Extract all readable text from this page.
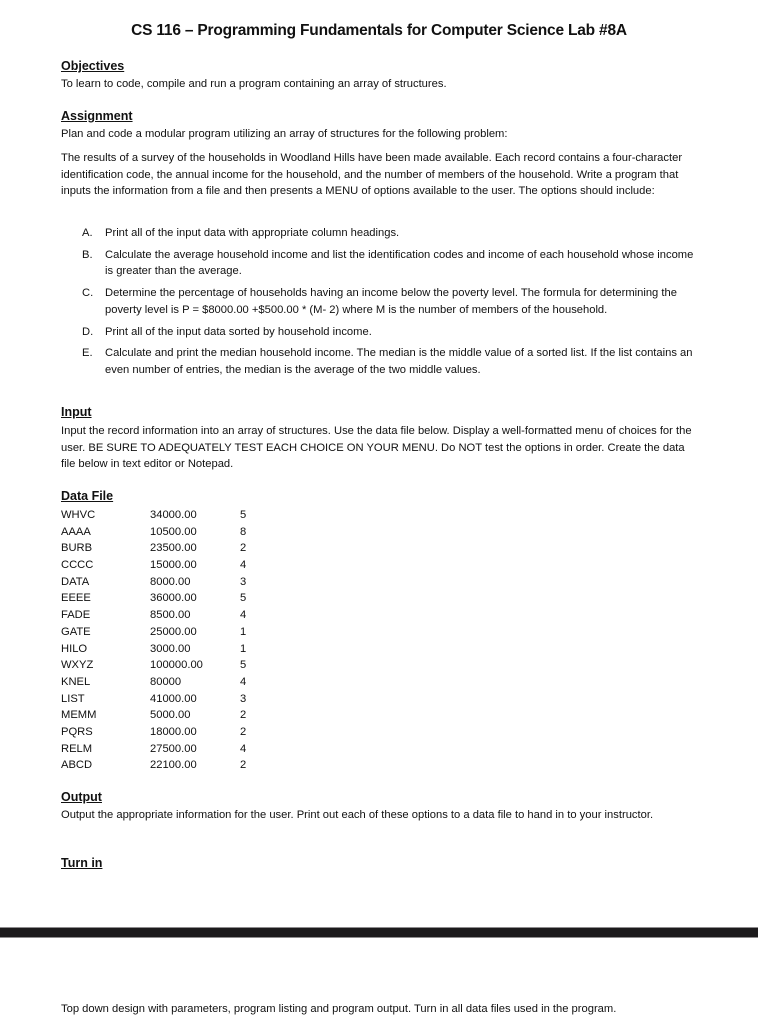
CS 116 – Programming Fundamentals for Computer Science Lab #8A
Objectives
To learn to code, compile and run a program containing an array of structures.
Assignment
Plan and code a modular program utilizing an array of structures for the following problem:
The results of a survey of the households in Woodland Hills have been made available. Each record contains a four-character identification code, the annual income for the household, and the number of members of the household. Write a program that inputs the information from a file and then presents a MENU of options available to the user. The options should include:
A. Print all of the input data with appropriate column headings.
B. Calculate the average household income and list the identification codes and income of each household whose income is greater than the average.
C. Determine the percentage of households having an income below the poverty level. The formula for determining the poverty level is P = $8000.00 +$500.00 * (M- 2) where M is the number of members of the household.
D. Print all of the input data sorted by household income.
E. Calculate and print the median household income. The median is the middle value of a sorted list. If the list contains an even number of entries, the median is the average of the two middle values.
Input
Input the record information into an array of structures. Use the data file below. Display a well-formatted menu of choices for the user. BE SURE TO ADEQUATELY TEST EACH CHOICE ON YOUR MENU. Do NOT test the options in order. Create the data file below in text editor or Notepad.
Data File
WHVC	34000.00	5
AAAA	10500.00	8
BURB	23500.00	2
CCCC	15000.00	4
DATA	8000.00	3
EEEE	36000.00	5
FADE	8500.00	4
GATE	25000.00	1
HILO	3000.00	1
WXYZ	100000.00	5
KNEL	80000	4
LIST	41000.00	3
MEMM	5000.00	2
PQRS	18000.00	2
RELM	27500.00	4
ABCD	22100.00	2
Output
Output the appropriate information for the user. Print out each of these options to a data file to hand in to your instructor.
Turn in
Top down design with parameters, program listing and program output. Turn in all data files used in the program.
